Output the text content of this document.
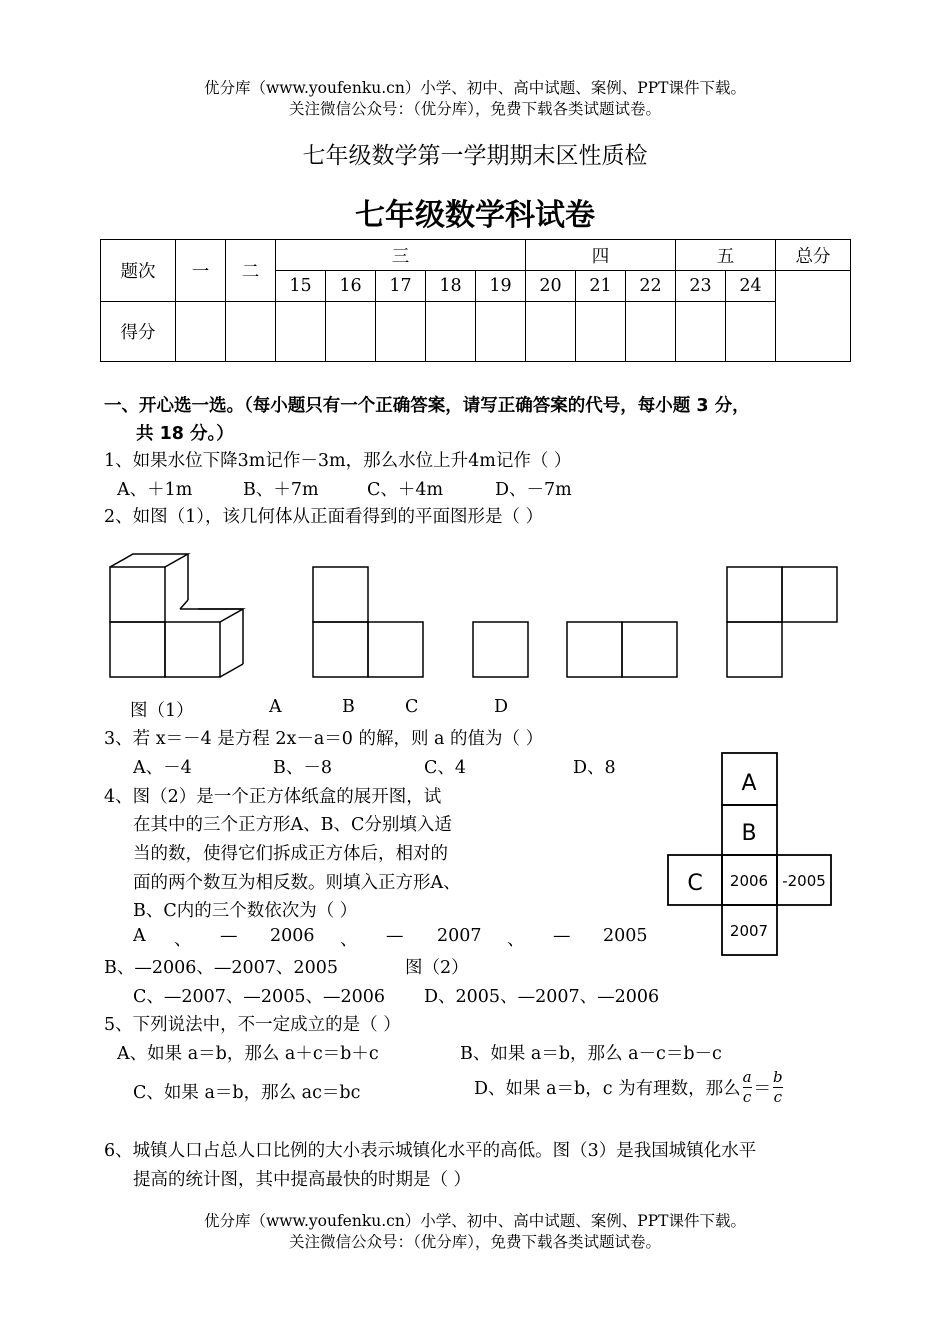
优分库（www.youfenku.cn）小学、初中、高中试题、案例、PPT课件下载。
关注微信公众号：（优分库），免费下载各类试题试卷。
七年级数学第一学期期末区性质检
七年级数学科试卷
题次	一	二	三					四			五		总分
			15	16	17	18	19	20	21	22	23	24	
得分													
一、开心选一选。（每小题只有一个正确答案，请写正确答案的代号，每小题 3 分，
共 18 分。）
1、如果水位下降3m记作－3m，那么水位上升4m记作（ ）
A、＋1m	B、＋7m	C、＋4m	D、－7m
2、如图（1），该几何体从正面看得到的平面图形是（ ）
图（1）	A	B	C	D
3、若 x＝－4 是方程 2x－a＝0 的解，则 a 的值为（ ）
A、－4	B、－8	C、4	D、8
4、图（2）是一个正方体纸盒的展开图，试
在其中的三个正方形A、B、C分别填入适
当的数，使得它们拆成正方体后，相对的
面的两个数互为相反数。则填入正方形A、
B、C内的三个数依次为（ ）
A 、 — 2006 、 — 2007 、 — 2005
B、—2006、—2007、2005	图（2）
C、—2007、—2005、—2006 D、2005、—2007、—2006
A
B
C 2006 -2005
2007
5、下列说法中，不一定成立的是（ ）
A、如果 a＝b，那么 a＋c＝b＋c	B、如果 a＝b，那么 a－c＝b－c
C、如果 a＝b，那么 ac＝bc	D、如果 a＝b，c 为有理数，那么 $\frac{a}{c} = \frac{b}{c}$
6、城镇人口占总人口比例的大小表示城镇化水平的高低。图（3）是我国城镇化水平
提高的统计图，其中提高最快的时期是（ ）
优分库（www.youfenku.cn）小学、初中、高中试题、案例、PPT课件下载。
关注微信公众号：（优分库），免费下载各类试题试卷。
